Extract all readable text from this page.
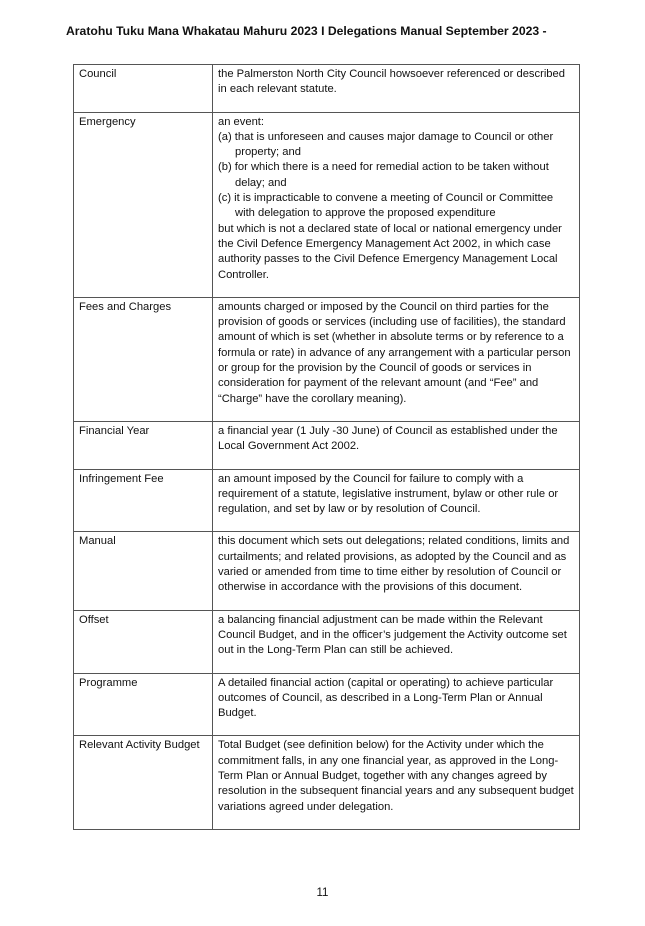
Aratohu Tuku Mana Whakatau Mahuru 2023 I Delegations Manual September 2023 -
Council	the Palmerston North City Council howsoever referenced or described in each relevant statute.

Emergency	an event:
(a) that is unforeseen and causes major damage to Council or other property; and
(b) for which there is a need for remedial action to be taken without delay; and
(c) it is impracticable to convene a meeting of Council or Committee with delegation to approve the proposed expenditure
but which is not a declared state of local or national emergency under the Civil Defence Emergency Management Act 2002, in which case authority passes to the Civil Defence Emergency Management Local Controller.

Fees and Charges	amounts charged or imposed by the Council on third parties for the provision of goods or services (including use of facilities), the standard amount of which is set (whether in absolute terms or by reference to a formula or rate) in advance of any arrangement with a particular person or group for the provision by the Council of goods or services in consideration for payment of the relevant amount (and “Fee” and “Charge” have the corollary meaning).

Financial Year	a financial year (1 July -30 June) of Council as established under the Local Government Act 2002.

Infringement Fee	an amount imposed by the Council for failure to comply with a requirement of a statute, legislative instrument, bylaw or other rule or regulation, and set by law or by resolution of Council.

Manual	this document which sets out delegations; related conditions, limits and curtailments; and related provisions, as adopted by the Council and as varied or amended from time to time either by resolution of Council or otherwise in accordance with the provisions of this document.

Offset	a balancing financial adjustment can be made within the Relevant Council Budget, and in the officer’s judgement the Activity outcome set out in the Long-Term Plan can still be achieved.

Programme	A detailed financial action (capital or operating) to achieve particular outcomes of Council, as described in a Long-Term Plan or Annual Budget.

Relevant Activity Budget	Total Budget (see definition below) for the Activity under which the commitment falls, in any one financial year, as approved in the Long-Term Plan or Annual Budget, together with any changes agreed by resolution in the subsequent financial years and any subsequent budget variations agreed under delegation.
11
